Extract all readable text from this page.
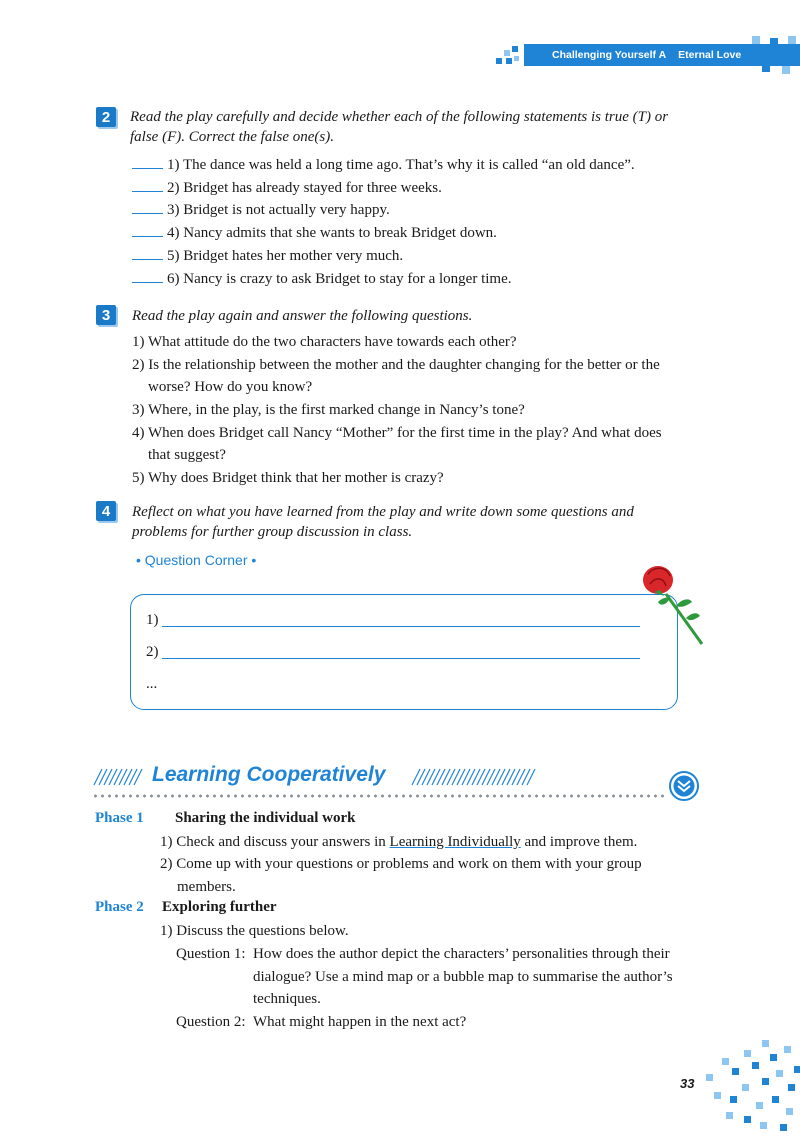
Challenging Yourself A Eternal Love
2	Read the play carefully and decide whether each of the following statements is true (T) or
false (F). Correct the false one(s).
1) The dance was held a long time ago. That’s why it is called “an old dance”.
2) Bridget has already stayed for three weeks.
3) Bridget is not actually very happy.
4) Nancy admits that she wants to break Bridget down.
5) Bridget hates her mother very much.
6) Nancy is crazy to ask Bridget to stay for a longer time.
3	Read the play again and answer the following questions.
1) What attitude do the two characters have towards each other?
2) Is the relationship between the mother and the daughter changing for the better or the
worse? How do you know?
3) Where, in the play, is the first marked change in Nancy’s tone?
4) When does Bridget call Nancy “Mother” for the first time in the play? And what does
that suggest?
5) Why does Bridget think that her mother is crazy?
4	Reflect on what you have learned from the play and write down some questions and
problems for further group discussion in class.
• Question Corner •
1)
2)
...
Learning Cooperatively
Phase 1 Sharing the individual work
1) Check and discuss your answers in Learning Individually and improve them.
2) Come up with your questions or problems and work on them with your group
members.
Phase 2 Exploring further
1) Discuss the questions below.
Question 1: How does the author depict the characters’ personalities through their
dialogue? Use a mind map or a bubble map to summarise the author’s
techniques.
Question 2: What might happen in the next act?
33
